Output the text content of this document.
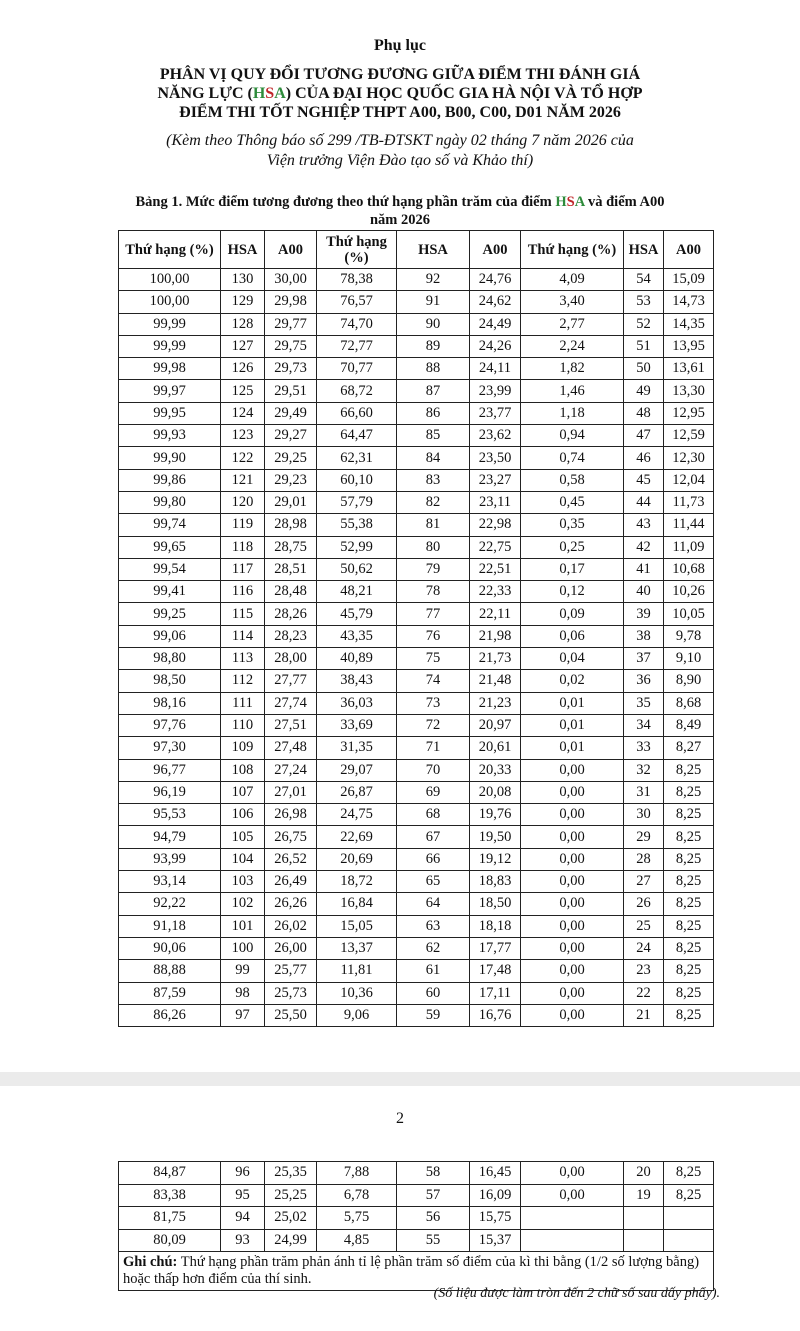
Phụ lục
PHÂN VỊ QUY ĐỔI TƯƠNG ĐƯƠNG GIỮA ĐIỂM THI ĐÁNH GIÁ
NĂNG LỰC (HSA) CỦA ĐẠI HỌC QUỐC GIA HÀ NỘI VÀ TỔ HỢP
ĐIỂM THI TỐT NGHIỆP THPT A00, B00, C00, D01 NĂM 2026
(Kèm theo Thông báo số 299 /TB-ĐTSKT ngày 02 tháng 7 năm 2026 của
Viện trưởng Viện Đào tạo số và Khảo thí)
Bảng 1. Mức điểm tương đương theo thứ hạng phần trăm của điểm HSA và điểm A00
năm 2026
Thứ hạng (%)	HSA	A00	Thứ hạng (%)	HSA	A00	Thứ hạng (%)	HSA	A00
100,00	130	30,00	78,38	92	24,76	4,09	54	15,09
100,00	129	29,98	76,57	91	24,62	3,40	53	14,73
99,99	128	29,77	74,70	90	24,49	2,77	52	14,35
99,99	127	29,75	72,77	89	24,26	2,24	51	13,95
99,98	126	29,73	70,77	88	24,11	1,82	50	13,61
99,97	125	29,51	68,72	87	23,99	1,46	49	13,30
99,95	124	29,49	66,60	86	23,77	1,18	48	12,95
99,93	123	29,27	64,47	85	23,62	0,94	47	12,59
99,90	122	29,25	62,31	84	23,50	0,74	46	12,30
99,86	121	29,23	60,10	83	23,27	0,58	45	12,04
99,80	120	29,01	57,79	82	23,11	0,45	44	11,73
99,74	119	28,98	55,38	81	22,98	0,35	43	11,44
99,65	118	28,75	52,99	80	22,75	0,25	42	11,09
99,54	117	28,51	50,62	79	22,51	0,17	41	10,68
99,41	116	28,48	48,21	78	22,33	0,12	40	10,26
99,25	115	28,26	45,79	77	22,11	0,09	39	10,05
99,06	114	28,23	43,35	76	21,98	0,06	38	9,78
98,80	113	28,00	40,89	75	21,73	0,04	37	9,10
98,50	112	27,77	38,43	74	21,48	0,02	36	8,90
98,16	111	27,74	36,03	73	21,23	0,01	35	8,68
97,76	110	27,51	33,69	72	20,97	0,01	34	8,49
97,30	109	27,48	31,35	71	20,61	0,01	33	8,27
96,77	108	27,24	29,07	70	20,33	0,00	32	8,25
96,19	107	27,01	26,87	69	20,08	0,00	31	8,25
95,53	106	26,98	24,75	68	19,76	0,00	30	8,25
94,79	105	26,75	22,69	67	19,50	0,00	29	8,25
93,99	104	26,52	20,69	66	19,12	0,00	28	8,25
93,14	103	26,49	18,72	65	18,83	0,00	27	8,25
92,22	102	26,26	16,84	64	18,50	0,00	26	8,25
91,18	101	26,02	15,05	63	18,18	0,00	25	8,25
90,06	100	26,00	13,37	62	17,77	0,00	24	8,25
88,88	99	25,77	11,81	61	17,48	0,00	23	8,25
87,59	98	25,73	10,36	60	17,11	0,00	22	8,25
86,26	97	25,50	9,06	59	16,76	0,00	21	8,25
2
(Số liệu được làm tròn đến 2 chữ số sau dấy phẩy).
84,87	96	25,35	7,88	58	16,45	0,00	20	8,25
83,38	95	25,25	6,78	57	16,09	0,00	19	8,25
81,75	94	25,02	5,75	56	15,75			
80,09	93	24,99	4,85	55	15,37			
Ghi chú: Thứ hạng phần trăm phản ánh tỉ lệ phần trăm số điểm của kì thi bằng (1/2 số lượng bằng) hoặc thấp hơn điểm của thí sinh.								
